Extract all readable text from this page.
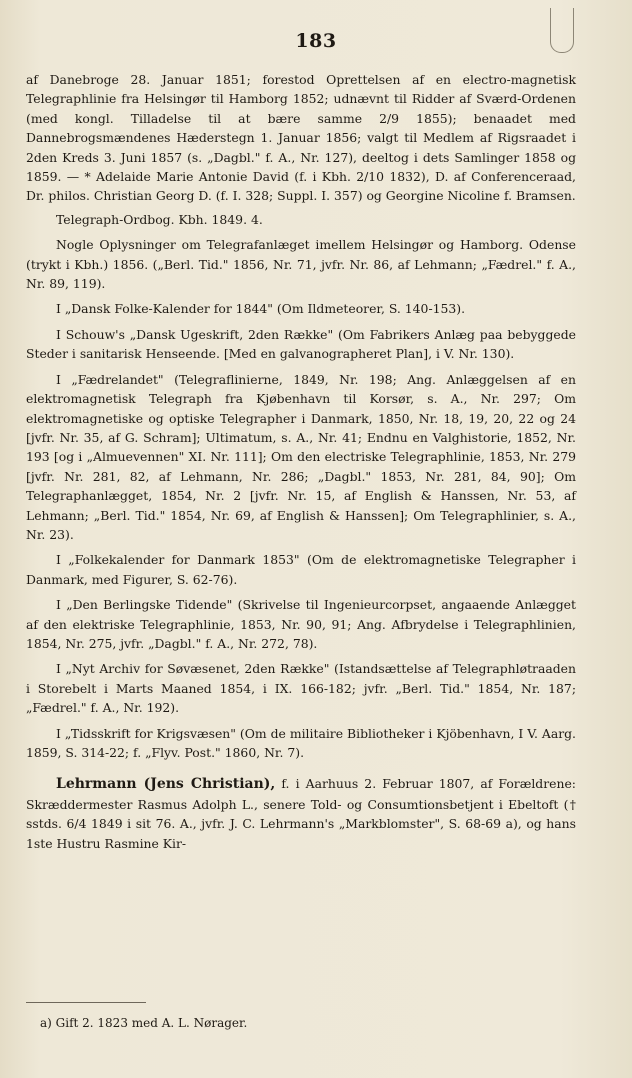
183

af Danebroge 28. Januar 1851; forestod Oprettelsen af en electro-magnetisk Telegraphlinie fra Helsingør til Hamborg 1852; udnævnt til Ridder af Sværd-Ordenen (med kongl. Tilladelse til at bære samme 2/9 1855); benaadet med Dannebrogsmændenes Hæderstegn 1. Januar 1856; valgt til Medlem af Rigsraadet i 2den Kreds 3. Juni 1857 (s. „Dagbl." f. A., Nr. 127), deeltog i dets Samlinger 1858 og 1859. — * Adelaide Marie Antonie David (f. i Kbh. 2/10 1832), D. af Conferenceraad, Dr. philos. Christian Georg D. (f. I. 328; Suppl. I. 357) og Georgine Nicoline f. Bramsen.

Telegraph-Ordbog. Kbh. 1849. 4.

Nogle Oplysninger om Telegrafanlæget imellem Helsingør og Hamborg. Odense (trykt i Kbh.) 1856. („Berl. Tid." 1856, Nr. 71, jvfr. Nr. 86, af Lehmann; „Fædrel." f. A., Nr. 89, 119).

I „Dansk Folke-Kalender for 1844" (Om Ildmeteorer, S. 140-153).

I Schouw's „Dansk Ugeskrift, 2den Række" (Om Fabrikers Anlæg paa bebyggede Steder i sanitarisk Henseende. [Med en galvanographeret Plan], i V. Nr. 130).

I „Fædrelandet" (Telegraflinierne, 1849, Nr. 198; Ang. Anlæggelsen af en elektromagnetisk Telegraph fra Kjøbenhavn til Korsør, s. A., Nr. 297; Om elektromagnetiske og optiske Telegrapher i Danmark, 1850, Nr. 18, 19, 20, 22 og 24 [jvfr. Nr. 35, af G. Schram]; Ultimatum, s. A., Nr. 41; Endnu en Valghistorie, 1852, Nr. 193 [og i „Almuevennen" XI. Nr. 111]; Om den electriske Telegraphlinie, 1853, Nr. 279 [jvfr. Nr. 281, 82, af Lehmann, Nr. 286; „Dagbl." 1853, Nr. 281, 84, 90]; Om Telegraphanlægget, 1854, Nr. 2 [jvfr. Nr. 15, af English & Hanssen, Nr. 53, af Lehmann; „Berl. Tid." 1854, Nr. 69, af English & Hanssen]; Om Telegraphlinier, s. A., Nr. 23).

I „Folkekalender for Danmark 1853" (Om de elektromagnetiske Telegrapher i Danmark, med Figurer, S. 62-76).

I „Den Berlingske Tidende" (Skrivelse til Ingenieurcorpset, angaaende Anlægget af den elektriske Telegraphlinie, 1853, Nr. 90, 91; Ang. Afbrydelse i Telegraphlinien, 1854, Nr. 275, jvfr. „Dagbl." f. A., Nr. 272, 78).

I „Nyt Archiv for Søvæsenet, 2den Række" (Istandsættelse af Telegraphløtraaden i Storebelt i Marts Maaned 1854, i IX. 166-182; jvfr. „Berl. Tid." 1854, Nr. 187; „Fædrel." f. A., Nr. 192).

I „Tidsskrift for Krigsvæsen" (Om de militaire Bibliotheker i Kjöbenhavn, I V. Aarg. 1859, S. 314-22; f. „Flyv. Post." 1860, Nr. 7).

Lehrmann (Jens Christian), f. i Aarhuus 2. Februar 1807, af Forældrene: Skræddermester Rasmus Adolph L., senere Told- og Consumtionsbetjent i Ebeltoft († sstds. 6/4 1849 i sit 76. A., jvfr. J. C. Lehrmann's „Markblomster", S. 68-69 a), og hans 1ste Hustru Rasmine Kir-

a) Gift 2. 1823 med A. L. Nørager.
